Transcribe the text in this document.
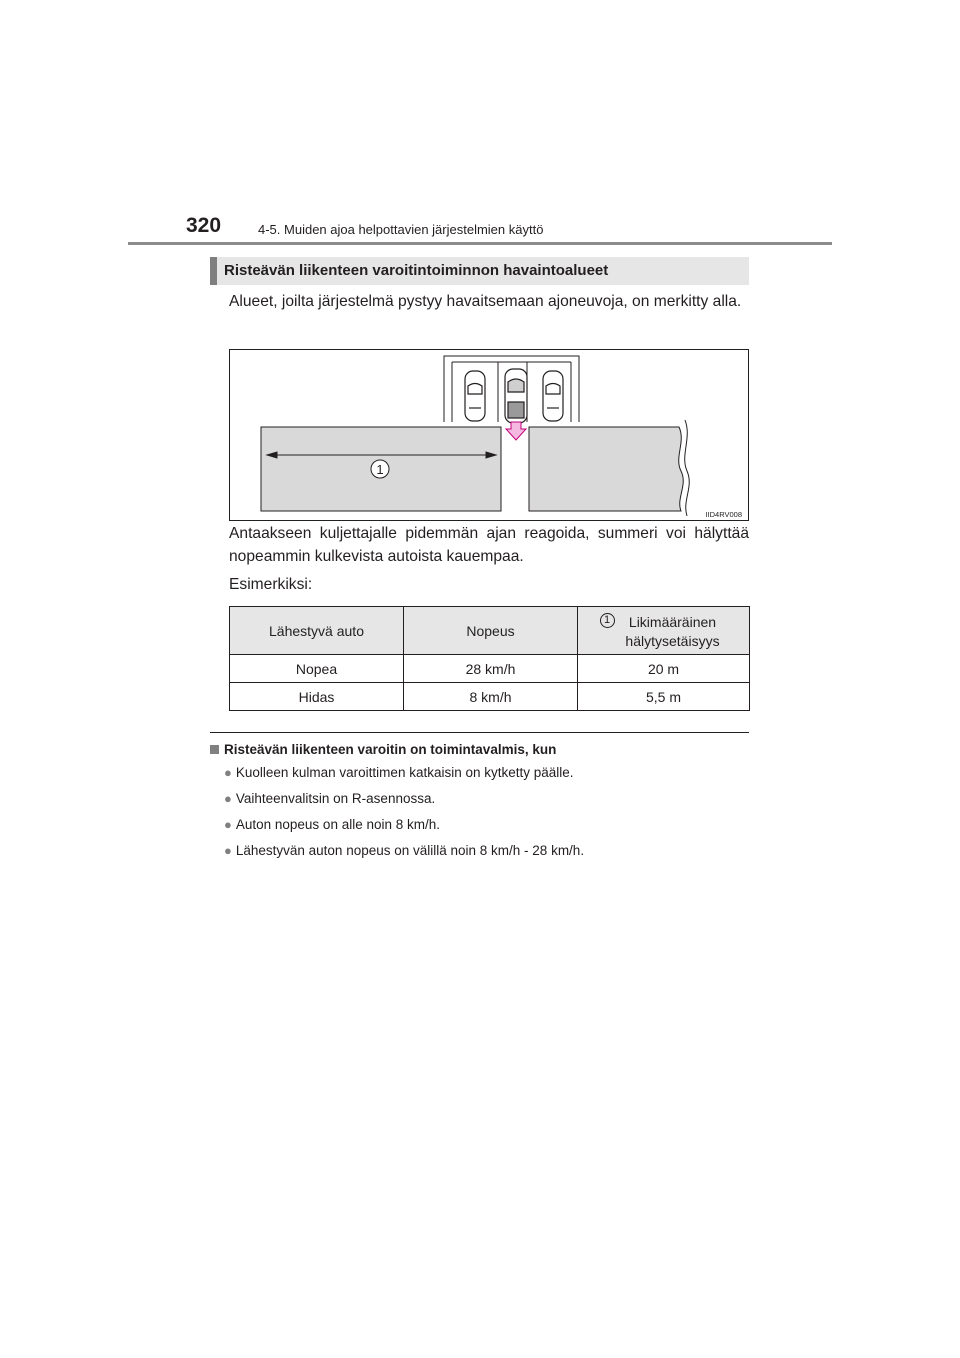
320	4-5. Muiden ajoa helpottavien järjestelmien käyttö
Risteävän liikenteen varoitintoiminnon havaintoalueet
Alueet, joilta järjestelmä pystyy havaitsemaan ajoneuvoja, on merkitty alla.
1
IID4RV008
Antaakseen kuljettajalle pidemmän ajan reagoida, summeri voi hälyttää nopeammin kulkevista autoista kauempaa.
Esimerkiksi:
Lähestyvä auto	Nopeus	1 Likimääräinen hälytysetäisyys

Nopea	28 km/h	20 m
Hidas	8 km/h	5,5 m
Risteävän liikenteen varoitin on toimintavalmis, kun
● Kuolleen kulman varoittimen katkaisin on kytketty päälle.
● Vaihteenvalitsin on R-asennossa.
● Auton nopeus on alle noin 8 km/h.
● Lähestyvän auton nopeus on välillä noin 8 km/h - 28 km/h.
